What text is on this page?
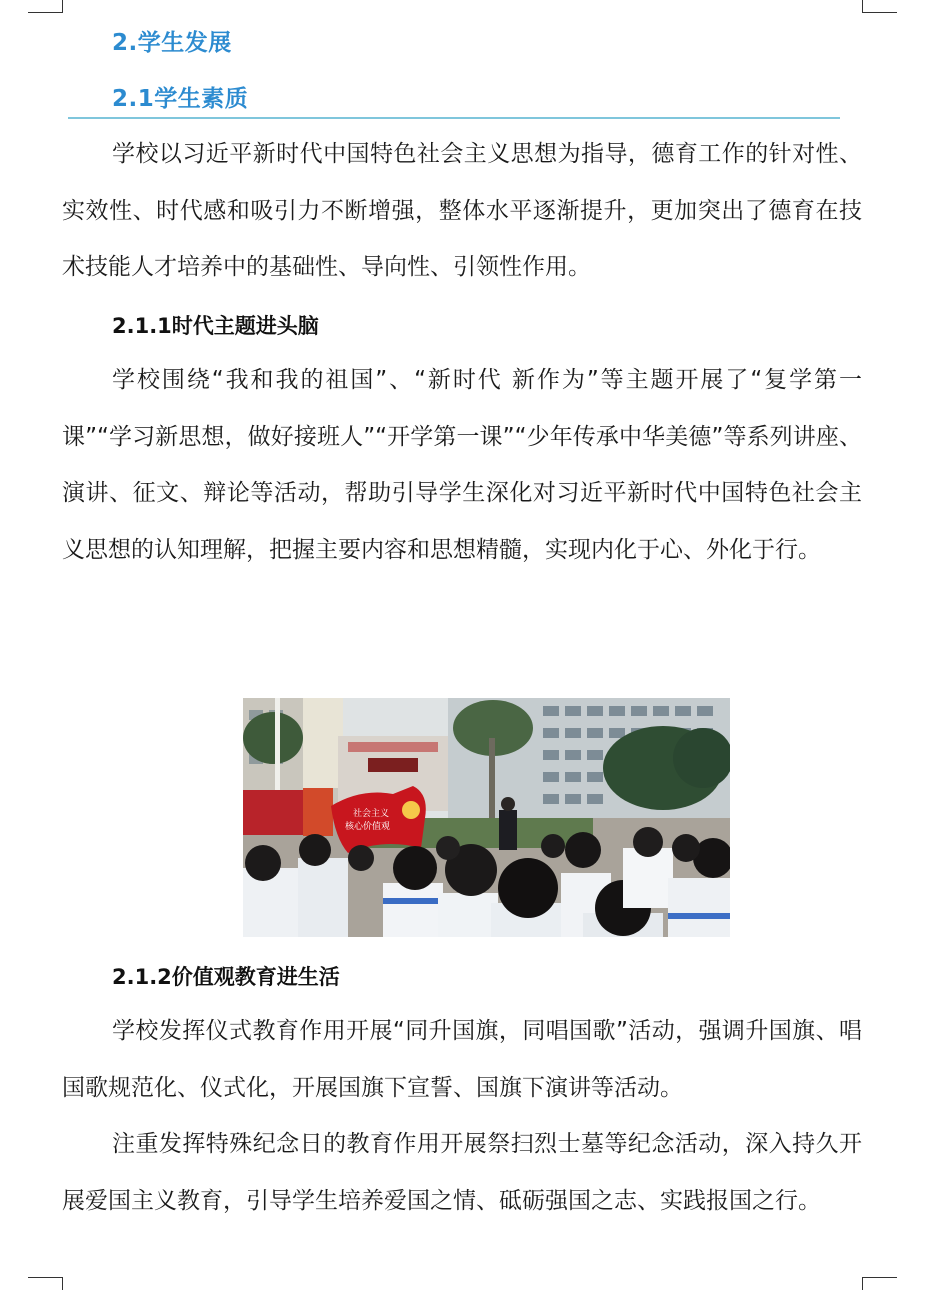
2.学生发展
2.1学生素质

学校以习近平新时代中国特色社会主义思想为指导，德育工作的针对性、实效性、时代感和吸引力不断增强，整体水平逐渐提升，更加突出了德育在技术技能人才培养中的基础性、导向性、引领性作用。

2.1.1时代主题进头脑

学校围绕“我和我的祖国”、“新时代 新作为”等主题开展了“复学第一课”“学习新思想，做好接班人”“开学第一课”“少年传承中华美德”等系列讲座、演讲、征文、辩论等活动，帮助引导学生深化对习近平新时代中国特色社会主义思想的认知理解，把握主要内容和思想精髓，实现内化于心、外化于行。

社会主义
核心价值观
2.1.2价值观教育进生活

学校发挥仪式教育作用开展“同升国旗，同唱国歌”活动，强调升国旗、唱国歌规范化、仪式化，开展国旗下宣誓、国旗下演讲等活动。

注重发挥特殊纪念日的教育作用开展祭扫烈士墓等纪念活动，深入持久开展爱国主义教育，引导学生培养爱国之情、砥砺强国之志、实践报国之行。
